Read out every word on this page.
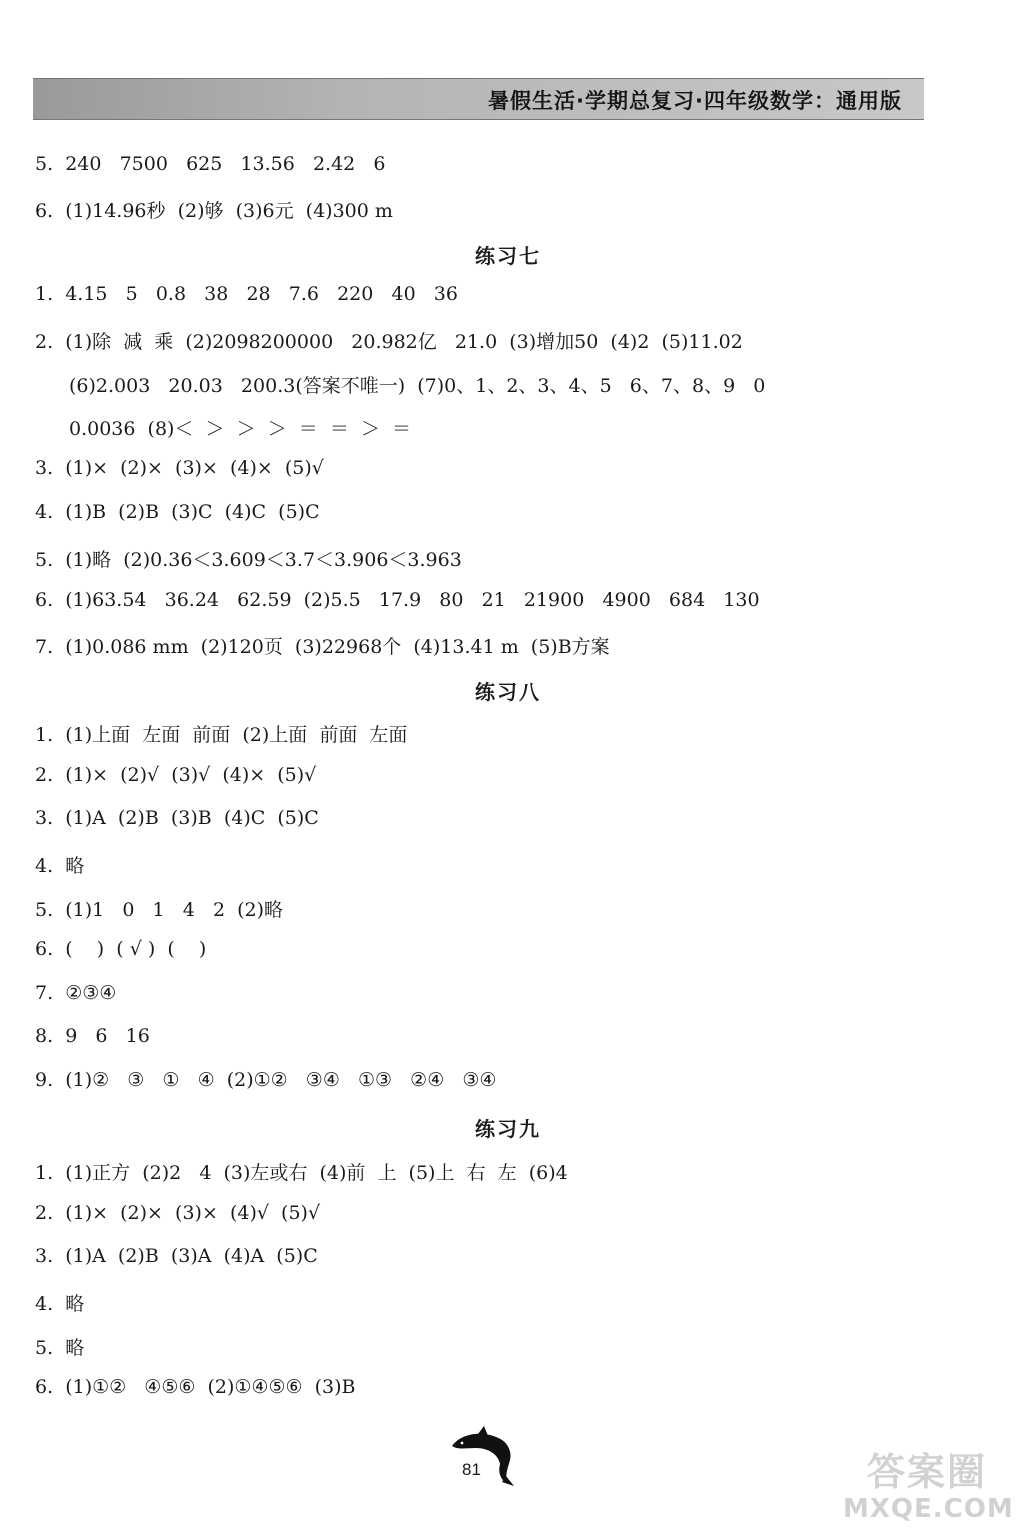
暑假生活·学期总复习·四年级数学：通用版
5.  240   7500   625   13.56   2.42   6
6.  (1)14.96秒  (2)够  (3)6元  (4)300 m
练习七
1.  4.15   5   0.8   38   28   7.6   220   40   36
2.  (1)除  减  乘  (2)2098200000   20.982亿   21.0  (3)增加50  (4)2  (5)11.02
(6)2.003   20.03   200.3(答案不唯一)  (7)0、1、2、3、4、5   6、7、8、9   0
0.0036  (8)＜  ＞  ＞  ＞  ＝  ＝  ＞  ＝
3.  (1)×  (2)×  (3)×  (4)×  (5)√
4.  (1)B  (2)B  (3)C  (4)C  (5)C
5.  (1)略  (2)0.36＜3.609＜3.7＜3.906＜3.963
6.  (1)63.54   36.24   62.59  (2)5.5   17.9   80   21   21900   4900   684   130
7.  (1)0.086 mm  (2)120页  (3)22968个  (4)13.41 m  (5)B方案
练习八
1.  (1)上面  左面  前面  (2)上面  前面  左面
2.  (1)×  (2)√  (3)√  (4)×  (5)√
3.  (1)A  (2)B  (3)B  (4)C  (5)C
4.  略
5.  (1)1   0   1   4   2  (2)略
6.  (    )  ( √ )  (    )
7.  ②③④
8.  9   6   16
9.  (1)②   ③   ①   ④  (2)①②   ③④   ①③   ②④   ③④
练习九
1.  (1)正方  (2)2   4  (3)左或右  (4)前  上  (5)上  右  左  (6)4
2.  (1)×  (2)×  (3)×  (4)√  (5)√
3.  (1)A  (2)B  (3)A  (4)A  (5)C
4.  略
5.  略
6.  (1)①②   ④⑤⑥  (2)①④⑤⑥  (3)B
81	答案圈
MXQE.COM
